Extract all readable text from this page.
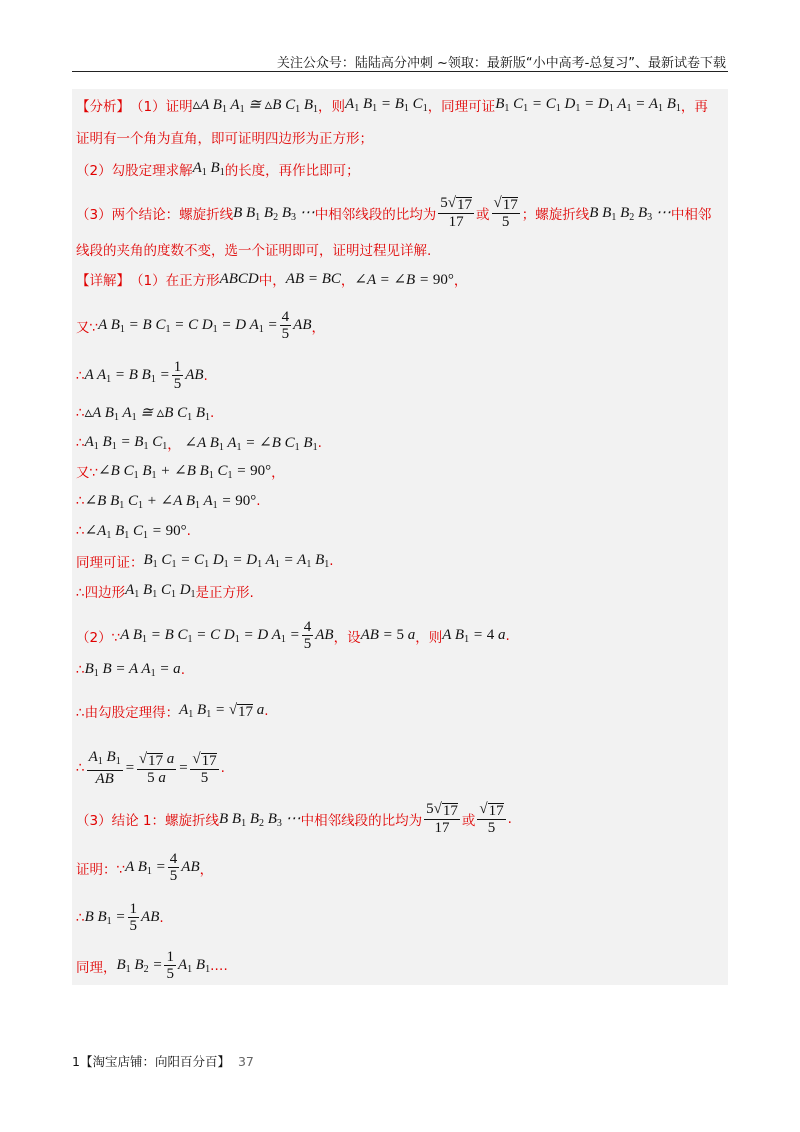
关注公众号：陆陆高分冲刺 ~领取：最新版“小中高考-总复习”、最新试卷下载
【分析】 （1）证明 ▵A $B_1$ $A_1$ ≅ ▵B $C_1$ $B_1$ ，则 $A_1$ $B_1 = B_1$ $C_1$ ，同理可证 $B_1$ $C_1 = C_1$ $D_1 = D_1$ $A_1 = A_1$ $B_1$ ，再
证明有一个角为直角，即可证明四边形为正方形；
（2）勾股定理求解 $A_1$ $B_1$ 的长度，再作比即可；
（3）两个结论：螺旋折线 B $B_1$ $B_2$ $B_3$ ⋯ 中相邻线段的比均为 $\frac{5 √ 17}{17}$ 或 $\frac{√ 17}{5}$ ；螺旋折线 B $B_1$ $B_2$ $B_3$ ⋯ 中相邻
线段的夹角的度数不变，选一个证明即可，证明过程见详解.
【详解】 （1）在正方形 ABCD 中， AB = BC ， ∠A = ∠B = 90° ，
又∵ A $B_1 = B$ $C_1 = C$ $D_1 = D$ $A_1 = \frac{4}{5}$ AB ，
∴ A $A_1 = B$ $B_1 = \frac{1}{5}$ AB .
∴ ▵A $B_1$ $A_1$ ≅ ▵B $C_1$ $B_1$ .
∴ $A_1$ $B_1 = B_1$ $C_1$ ， ∠A $B_1$ $A_1$ = ∠B $C_1$ $B_1$ .
又∵ ∠B $C_1$ $B_1$ + ∠B $B_1$ $C_1 = 90^\circ$ ，
∴ ∠B $B_1$ $C_1$ + ∠A $B_1$ $A_1 = 90^\circ$ .
∴ $\angle A_1$ $B_1$ $C_1 = 90^\circ$ .
同理可证： $B_1$ $C_1 = C_1$ $D_1 = D_1$ $A_1 = A_1$ $B_1$ .
∴四边形 $A_1$ $B_1$ $C_1$ $D_1$ 是正方形.
（2）∵ A $B_1 = B$ $C_1 = C$ $D_1 = D$ $A_1 = \frac{4}{5}$ AB ，设 AB = 5 a ，则 A $B_1 = 4$ a .
∴ $B_1$ B = A $A_1 = a$ .
∴由勾股定理得： $A_1$ $B_1$ = √ 17 a .
∴ $\frac{A_1 B_1}{AB} = \frac{√ 17 a}{5 a} = \frac{√ 17}{5}$ .
（3）结论 1：螺旋折线 B $B_1$ $B_2$ $B_3$ ⋯ 中相邻线段的比均为 $\frac{5 √ 17}{17}$ 或 $\frac{√ 17}{5}$ .
证明：∵ A $B_1 = \frac{4}{5}$ AB ，
∴ B $B_1 = \frac{1}{5}$ AB .
同理， $B_1$ $B_2 = \frac{1}{5} A_1$ $B_1$ . …
1【淘宝店铺：向阳百分百】 37
